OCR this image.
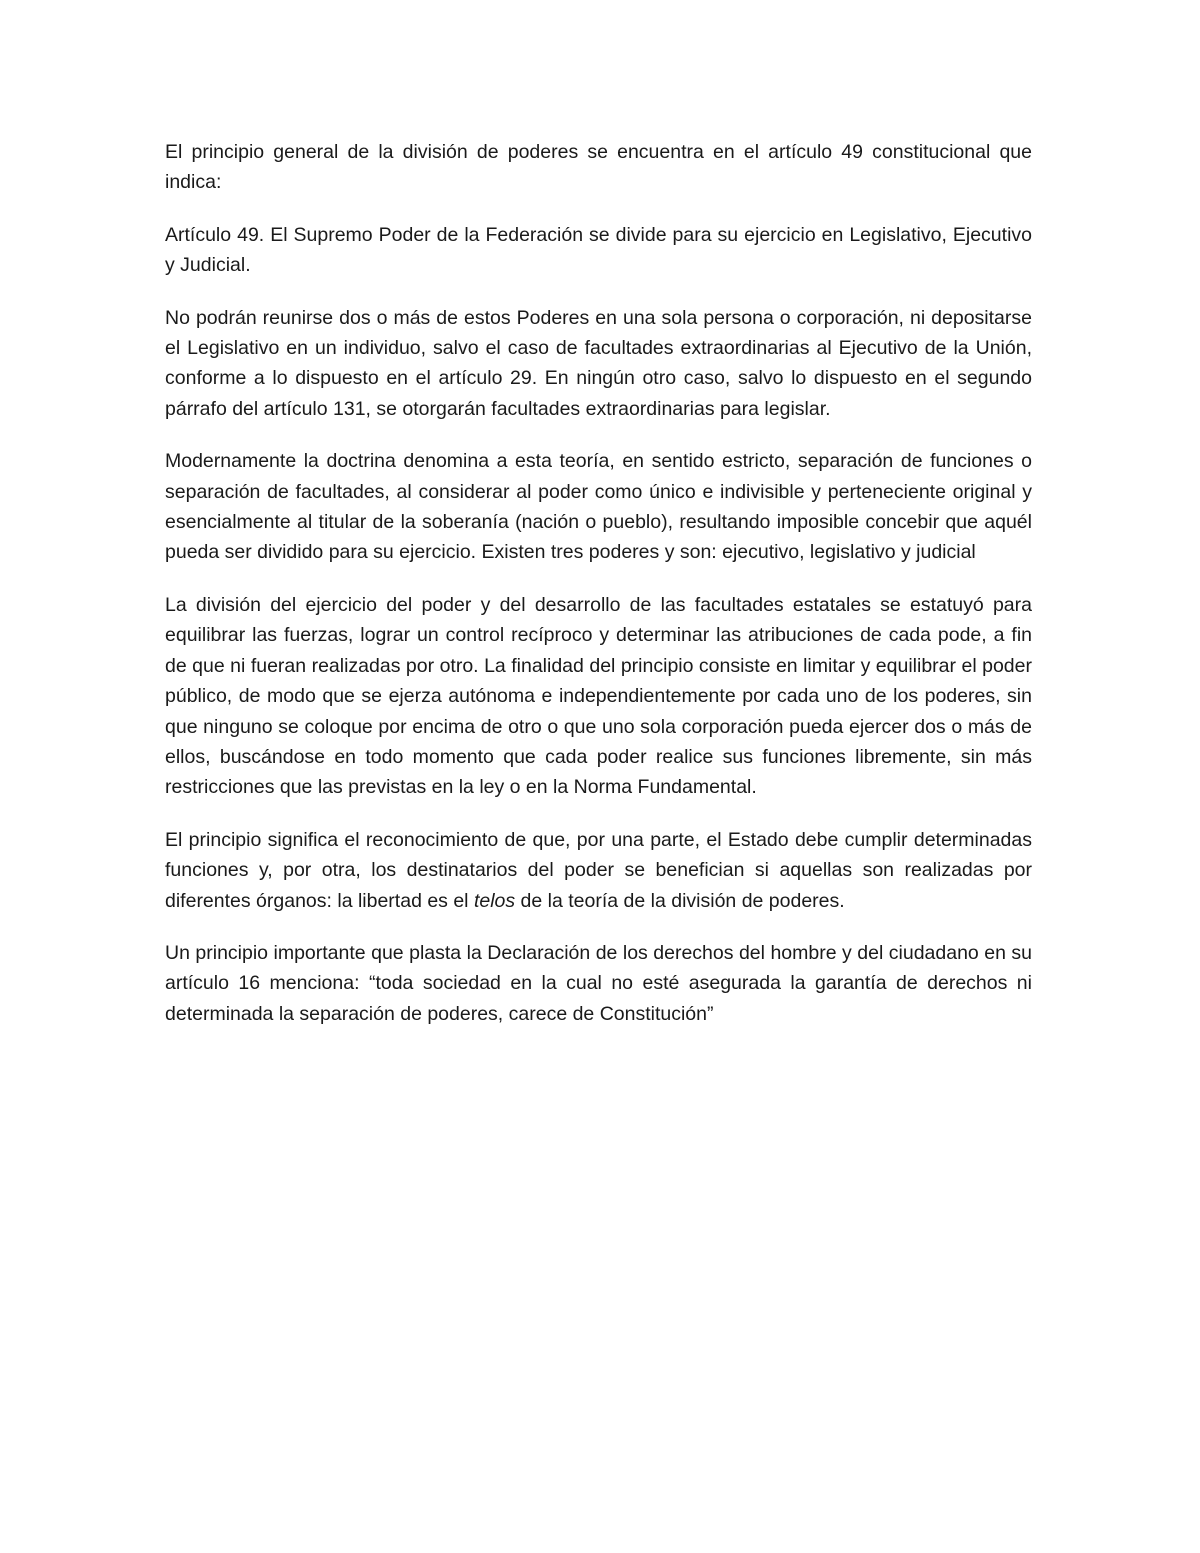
El principio general de la división de poderes se encuentra en el artículo 49 constitucional que indica:

Artículo 49. El Supremo Poder de la Federación se divide para su ejercicio en Legislativo, Ejecutivo y Judicial.

No podrán reunirse dos o más de estos Poderes en una sola persona o corporación, ni depositarse el Legislativo en un individuo, salvo el caso de facultades extraordinarias al Ejecutivo de la Unión, conforme a lo dispuesto en el artículo 29. En ningún otro caso, salvo lo dispuesto en el segundo párrafo del artículo 131, se otorgarán facultades extraordinarias para legislar.

Modernamente la doctrina denomina a esta teoría, en sentido estricto, separación de funciones o separación de facultades, al considerar al poder como único e indivisible y perteneciente original y esencialmente al titular de la soberanía (nación o pueblo), resultando imposible concebir que aquél pueda ser dividido para su ejercicio. Existen tres poderes y son: ejecutivo, legislativo y judicial

La división del ejercicio del poder y del desarrollo de las facultades estatales se estatuyó para equilibrar las fuerzas, lograr un control recíproco y determinar las atribuciones de cada pode, a fin de que ni fueran realizadas por otro. La finalidad del principio consiste en limitar y equilibrar el poder público, de modo que se ejerza autónoma e independientemente por cada uno de los poderes, sin que ninguno se coloque por encima de otro o que uno sola corporación pueda ejercer dos o más de ellos, buscándose en todo momento que cada poder realice sus funciones libremente, sin más restricciones que las previstas en la ley o en la Norma Fundamental.

El principio significa el reconocimiento de que, por una parte, el Estado debe cumplir determinadas funciones y, por otra, los destinatarios del poder se benefician si aquellas son realizadas por diferentes órganos: la libertad es el telos de la teoría de la división de poderes.

Un principio importante que plasta la Declaración de los derechos del hombre y del ciudadano en su artículo 16 menciona: “toda sociedad en la cual no esté asegurada la garantía de derechos ni determinada la separación de poderes, carece de Constitución”
